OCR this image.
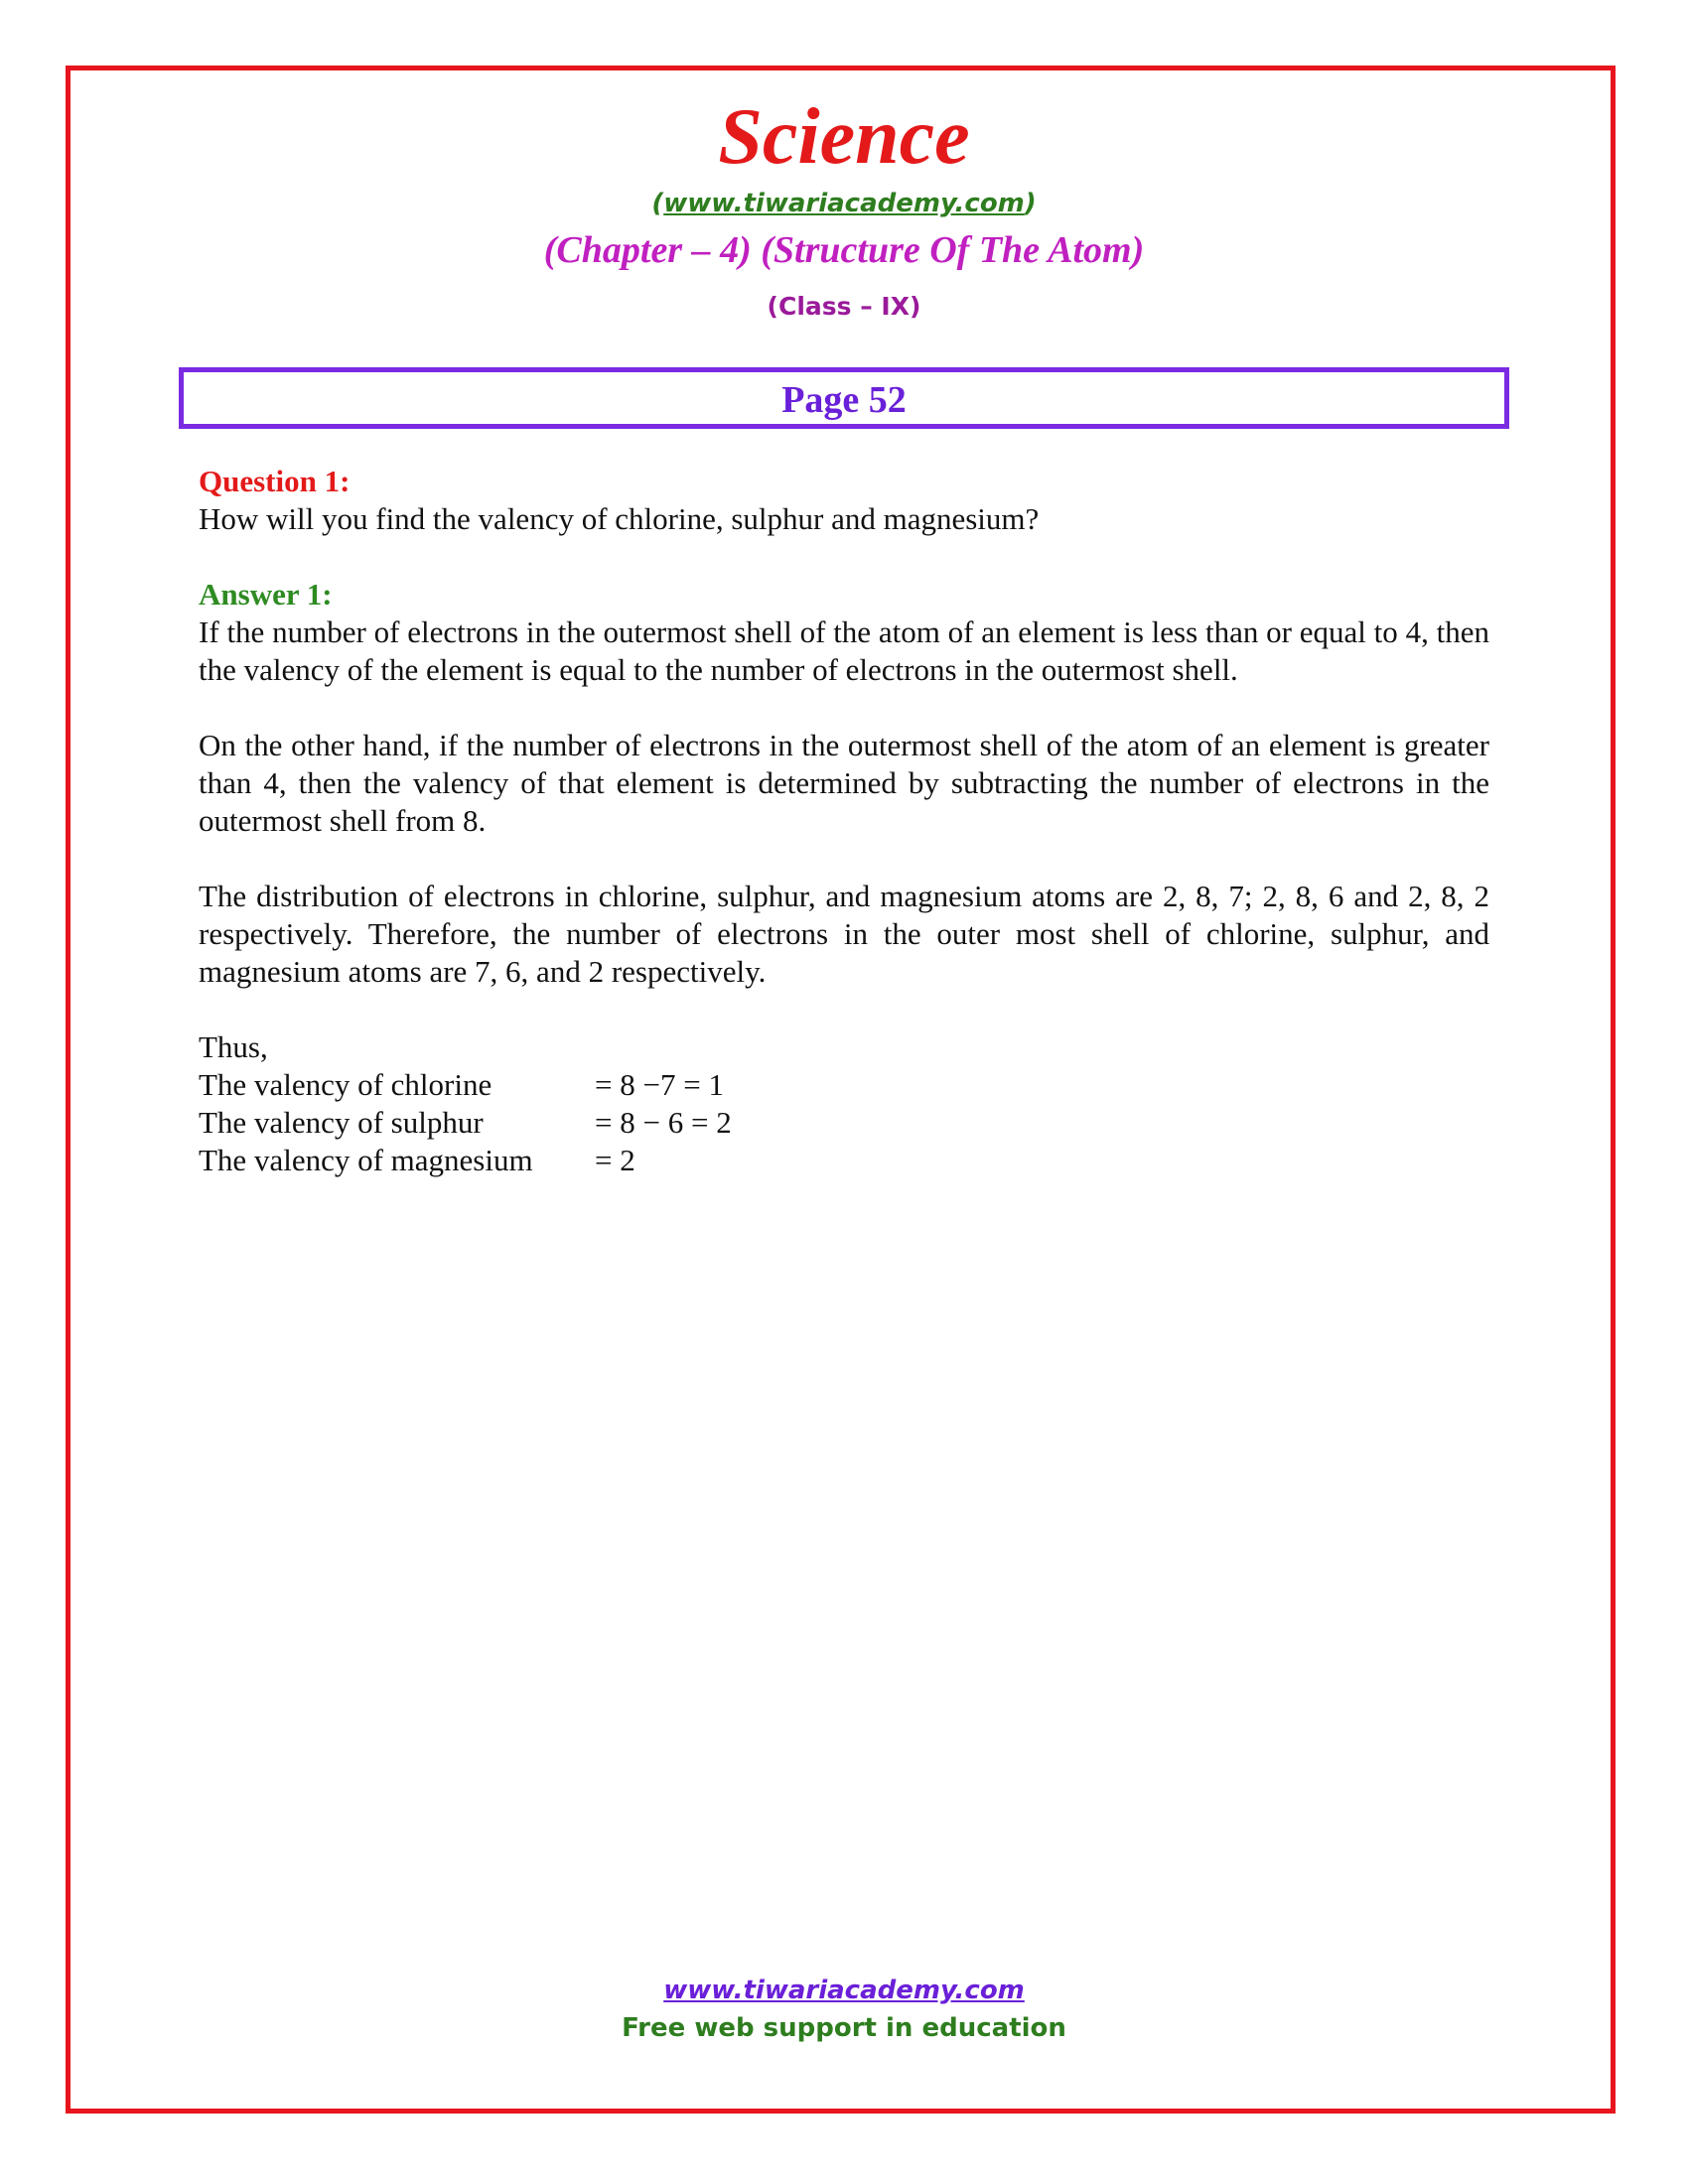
Science
(www.tiwariacademy.com)
(Chapter – 4) (Structure Of The Atom)
(Class – IX)
Page 52
Question 1:
How will you find the valency of chlorine, sulphur and magnesium?
Answer 1:

If the number of electrons in the outermost shell of the atom of an element is less than or equal to 4, then the valency of the element is equal to the number of electrons in the outermost shell.

On the other hand, if the number of electrons in the outermost shell of the atom of an element is greater than 4, then the valency of that element is determined by subtracting the number of electrons in the outermost shell from 8.

The distribution of electrons in chlorine, sulphur, and magnesium atoms are 2, 8, 7; 2, 8, 6 and 2, 8, 2 respectively. Therefore, the number of electrons in the outer most shell of chlorine, sulphur, and magnesium atoms are 7, 6, and 2 respectively.

Thus,
The valency of chlorine	= 8 −7 = 1
The valency of sulphur	= 8 − 6 = 2
The valency of magnesium	= 2
www.tiwariacademy.com
Free web support in education
